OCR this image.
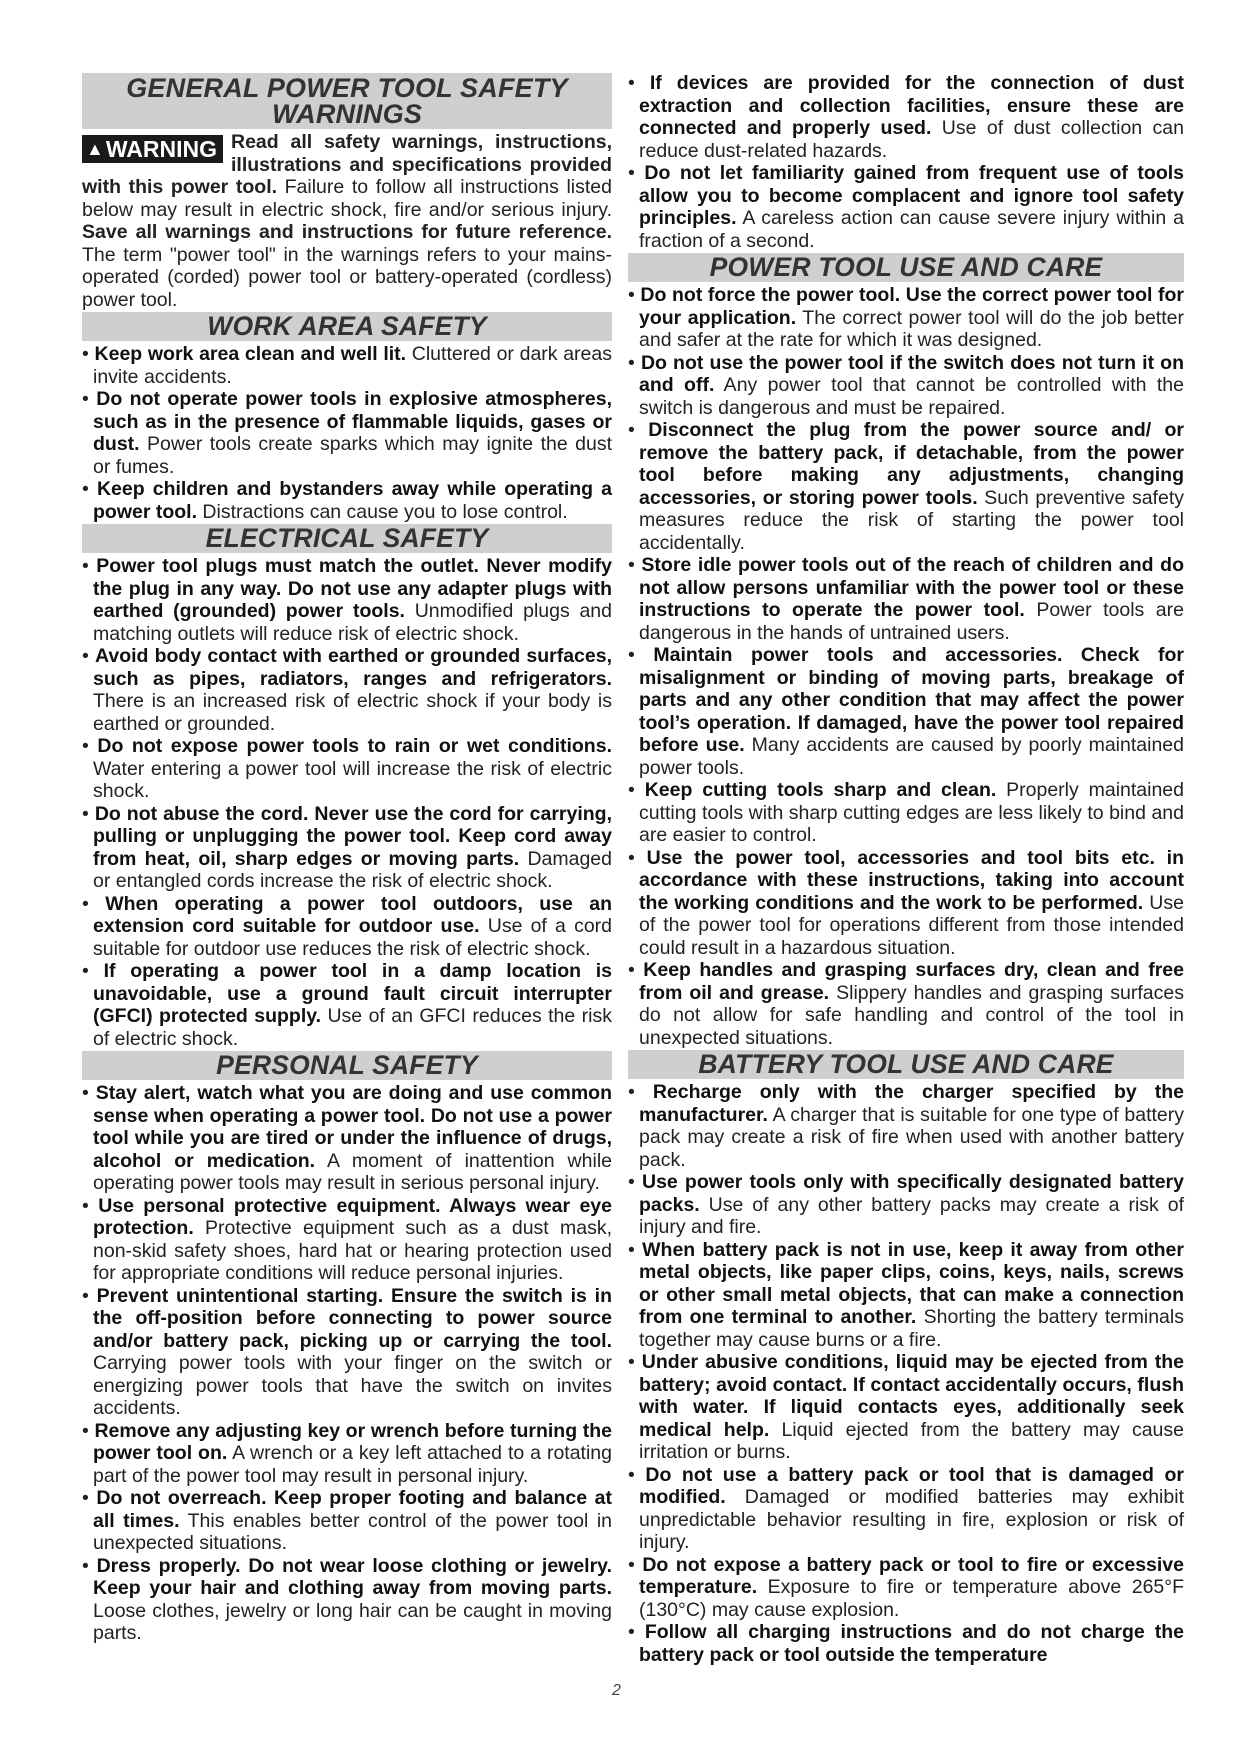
GENERAL POWER TOOL SAFETY WARNINGS
▲WARNING Read all safety warnings, instructions, illustrations and specifications provided with this power tool. Failure to follow all instructions listed below may result in electric shock, fire and/or serious injury. Save all warnings and instructions for future reference. The term "power tool" in the warnings refers to your mains-operated (corded) power tool or battery-operated (cordless) power tool.
WORK AREA SAFETY

• Keep work area clean and well lit. Cluttered or dark areas invite accidents.

• Do not operate power tools in explosive atmospheres, such as in the presence of flammable liquids, gases or dust. Power tools create sparks which may ignite the dust or fumes.

• Keep children and bystanders away while operating a power tool. Distractions can cause you to lose control.

ELECTRICAL SAFETY

• Power tool plugs must match the outlet. Never modify the plug in any way. Do not use any adapter plugs with earthed (grounded) power tools. Unmodified plugs and matching outlets will reduce risk of electric shock.

• Avoid body contact with earthed or grounded surfaces, such as pipes, radiators, ranges and refrigerators. There is an increased risk of electric shock if your body is earthed or grounded.

• Do not expose power tools to rain or wet conditions. Water entering a power tool will increase the risk of electric shock.

• Do not abuse the cord. Never use the cord for carrying, pulling or unplugging the power tool. Keep cord away from heat, oil, sharp edges or moving parts. Damaged or entangled cords increase the risk of electric shock.

• When operating a power tool outdoors, use an extension cord suitable for outdoor use. Use of a cord suitable for outdoor use reduces the risk of electric shock.

• If operating a power tool in a damp location is unavoidable, use a ground fault circuit interrupter (GFCI) protected supply. Use of an GFCI reduces the risk of electric shock.

PERSONAL SAFETY

• Stay alert, watch what you are doing and use common sense when operating a power tool. Do not use a power tool while you are tired or under the influence of drugs, alcohol or medication. A moment of inattention while operating power tools may result in serious personal injury.

• Use personal protective equipment. Always wear eye protection. Protective equipment such as a dust mask, non-skid safety shoes, hard hat or hearing protection used for appropriate conditions will reduce personal injuries.

• Prevent unintentional starting. Ensure the switch is in the off-position before connecting to power source and/or battery pack, picking up or carrying the tool. Carrying power tools with your finger on the switch or energizing power tools that have the switch on invites accidents.

• Remove any adjusting key or wrench before turning the power tool on. A wrench or a key left attached to a rotating part of the power tool may result in personal injury.

• Do not overreach. Keep proper footing and balance at all times. This enables better control of the power tool in unexpected situations.

• Dress properly. Do not wear loose clothing or jewelry. Keep your hair and clothing away from moving parts. Loose clothes, jewelry or long hair can be caught in moving parts.

• If devices are provided for the connection of dust extraction and collection facilities, ensure these are connected and properly used. Use of dust collection can reduce dust-related hazards.

• Do not let familiarity gained from frequent use of tools allow you to become complacent and ignore tool safety principles. A careless action can cause severe injury within a fraction of a second.

POWER TOOL USE AND CARE

• Do not force the power tool. Use the correct power tool for your application. The correct power tool will do the job better and safer at the rate for which it was designed.

• Do not use the power tool if the switch does not turn it on and off. Any power tool that cannot be controlled with the switch is dangerous and must be repaired.

• Disconnect the plug from the power source and/ or remove the battery pack, if detachable, from the power tool before making any adjustments, changing accessories, or storing power tools. Such preventive safety measures reduce the risk of starting the power tool accidentally.

• Store idle power tools out of the reach of children and do not allow persons unfamiliar with the power tool or these instructions to operate the power tool. Power tools are dangerous in the hands of untrained users.

• Maintain power tools and accessories. Check for misalignment or binding of moving parts, breakage of parts and any other condition that may affect the power tool’s operation. If damaged, have the power tool repaired before use. Many accidents are caused by poorly maintained power tools.

• Keep cutting tools sharp and clean. Properly maintained cutting tools with sharp cutting edges are less likely to bind and are easier to control.

• Use the power tool, accessories and tool bits etc. in accordance with these instructions, taking into account the working conditions and the work to be performed. Use of the power tool for operations different from those intended could result in a hazardous situation.

• Keep handles and grasping surfaces dry, clean and free from oil and grease. Slippery handles and grasping surfaces do not allow for safe handling and control of the tool in unexpected situations.

BATTERY TOOL USE AND CARE

• Recharge only with the charger specified by the manufacturer. A charger that is suitable for one type of battery pack may create a risk of fire when used with another battery pack.

• Use power tools only with specifically designated battery packs. Use of any other battery packs may create a risk of injury and fire.

• When battery pack is not in use, keep it away from other metal objects, like paper clips, coins, keys, nails, screws or other small metal objects, that can make a connection from one terminal to another. Shorting the battery terminals together may cause burns or a fire.

• Under abusive conditions, liquid may be ejected from the battery; avoid contact. If contact accidentally occurs, flush with water. If liquid contacts eyes, additionally seek medical help. Liquid ejected from the battery may cause irritation or burns.

• Do not use a battery pack or tool that is damaged or modified. Damaged or modified batteries may exhibit unpredictable behavior resulting in fire, explosion or risk of injury.

• Do not expose a battery pack or tool to fire or excessive temperature. Exposure to fire or temperature above 265°F (130°C) may cause explosion.

• Follow all charging instructions and do not charge the battery pack or tool outside the temperature

2
